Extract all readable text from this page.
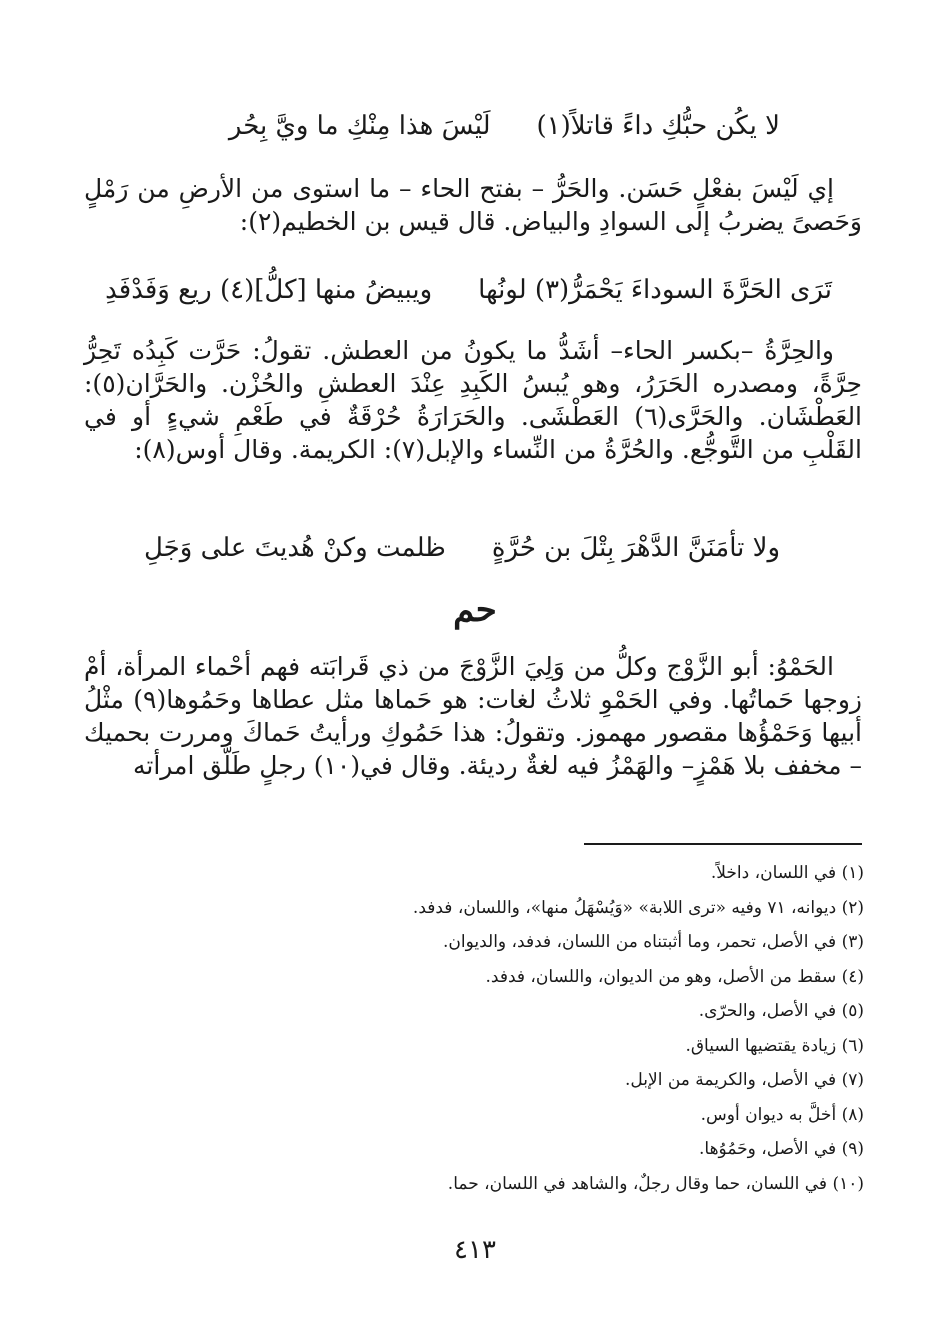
لا يكُن حبُّكِ داءً قاتلاً(١)
لَيْسَ هذا مِنْكِ ما ويَّ بِحُر

إي لَيْسَ بفعْلٍ حَسَن. والحَرُّ – بفتح الحاء – ما استوى من الأرضِ من رَمْلٍ وَحَصىً يضربُ إلى السوادِ والبياض. قال قيس بن الخطيم(٢):

تَرَى الحَرَّةَ السوداءَ يَحْمَرُّ(٣) لونُها
ويبيضُ منها [كلُّ](٤) ريع وَفَدْفَدِ

والحِرَّةُ –بكسر الحاء– أشَدُّ ما يكونُ من العطش. تقولُ: حَرَّت كَبِدُه تَحِرُّ حِرَّةً، ومصدره الحَرَرُ، وهو يُبسُ الكَبِدِ عِنْدَ العطشِ والحُزْن. والحَرَّان(٥): العَطْشَان. والحَرَّى(٦) العَطْشَى. والحَرَارَةُ حُرْقَةٌ في طَعْمِ شيءٍ أو في القَلْبِ من التَّوجُّع. والحُرَّةُ من النِّساء والإبل(٧): الكريمة. وقال أوس(٨):

ولا تأمَنَنَّ الدَّهْرَ بِتْلَ بن حُرَّةٍ
ظلمت وكنْ هُديتَ على وَجَلِ
حم

الحَمْوُ: أبو الزَّوْج وكلُّ من وَلِيَ الزَّوْجَ من ذي قَرابَته فهم أحْماء المرأة، أمْ زوجها حَماتُها. وفي الحَمْوِ ثلاثُ لغات: هو حَماها مثل عطاها وحَمُوها(٩) مثْلُ أبيها وَحَمْؤُها مقصور مهموز. وتقولُ: هذا حَمُوكِ ورأيتُ حَماكَ ومررت بحميك – مخفف بلا هَمْزٍ– والهَمْزُ فيه لغةٌ رديئة. وقال في(١٠) رجلٍ طَلَّق امرأته

(١) في اللسان، داخلاً.
(٢) ديوانه، ٧١ وفيه «ترى اللابة» «وَيُسْهَلُ منها»، واللسان، فدفد.
(٣) في الأصل، تحمر، وما أثبتناه من اللسان، فدفد، والديوان.
(٤) سقط من الأصل، وهو من الديوان، واللسان، فدفد.
(٥) في الأصل، والحرّى.
(٦) زيادة يقتضيها السياق.
(٧) في الأصل، والكريمة من الإبل.
(٨) أخلَّ به ديوان أوس.
(٩) في الأصل، وحَمُوُها.
(١٠) في اللسان، حما وقال رجلٌ، والشاهد في اللسان، حما.
٤١٣
